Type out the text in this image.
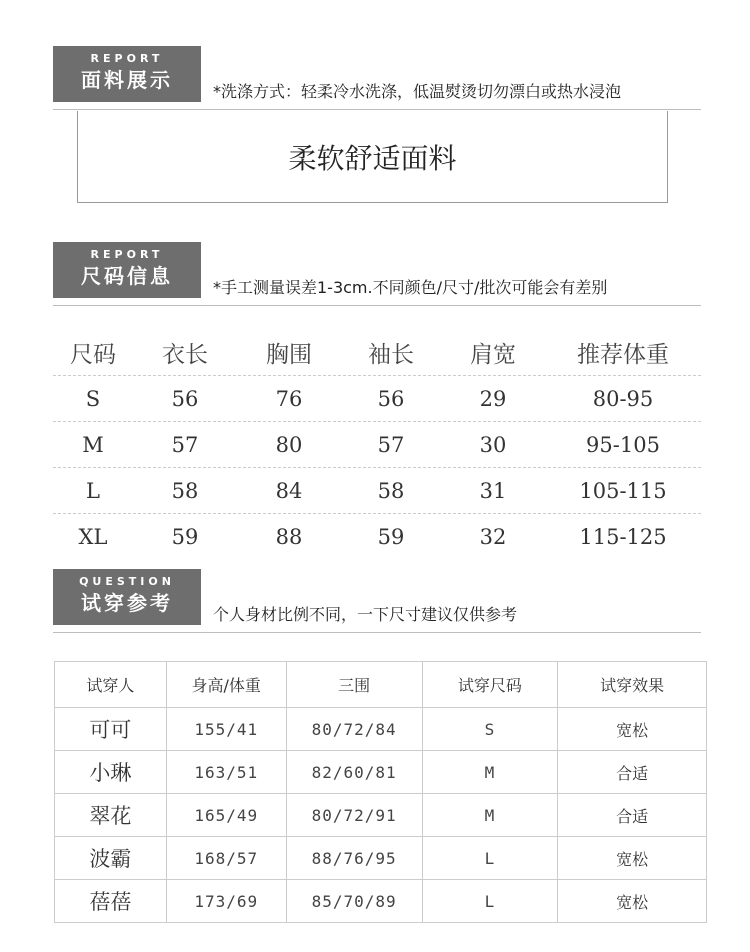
REPORT
面料展示	*洗涤方式：轻柔冷水洗涤，低温熨烫切勿漂白或热水浸泡
柔软舒适面料
REPORT
尺码信息	*手工测量误差1-3cm.不同颜色/尺寸/批次可能会有差别
尺码	衣长	胸围	袖长	肩宽	推荐体重
S	56	76	56	29	80-95
M	57	80	57	30	95-105
L	58	84	58	31	105-115
XL	59	88	59	32	115-125
QUESTION
试穿参考	个人身材比例不同，一下尺寸建议仅供参考
试穿人	身高/体重	三围	试穿尺码	试穿效果
可可	155/41	80/72/84	S	宽松
小琳	163/51	82/60/81	M	合适
翠花	165/49	80/72/91	M	合适
波霸	168/57	88/76/95	L	宽松
蓓蓓	173/69	85/70/89	L	宽松
